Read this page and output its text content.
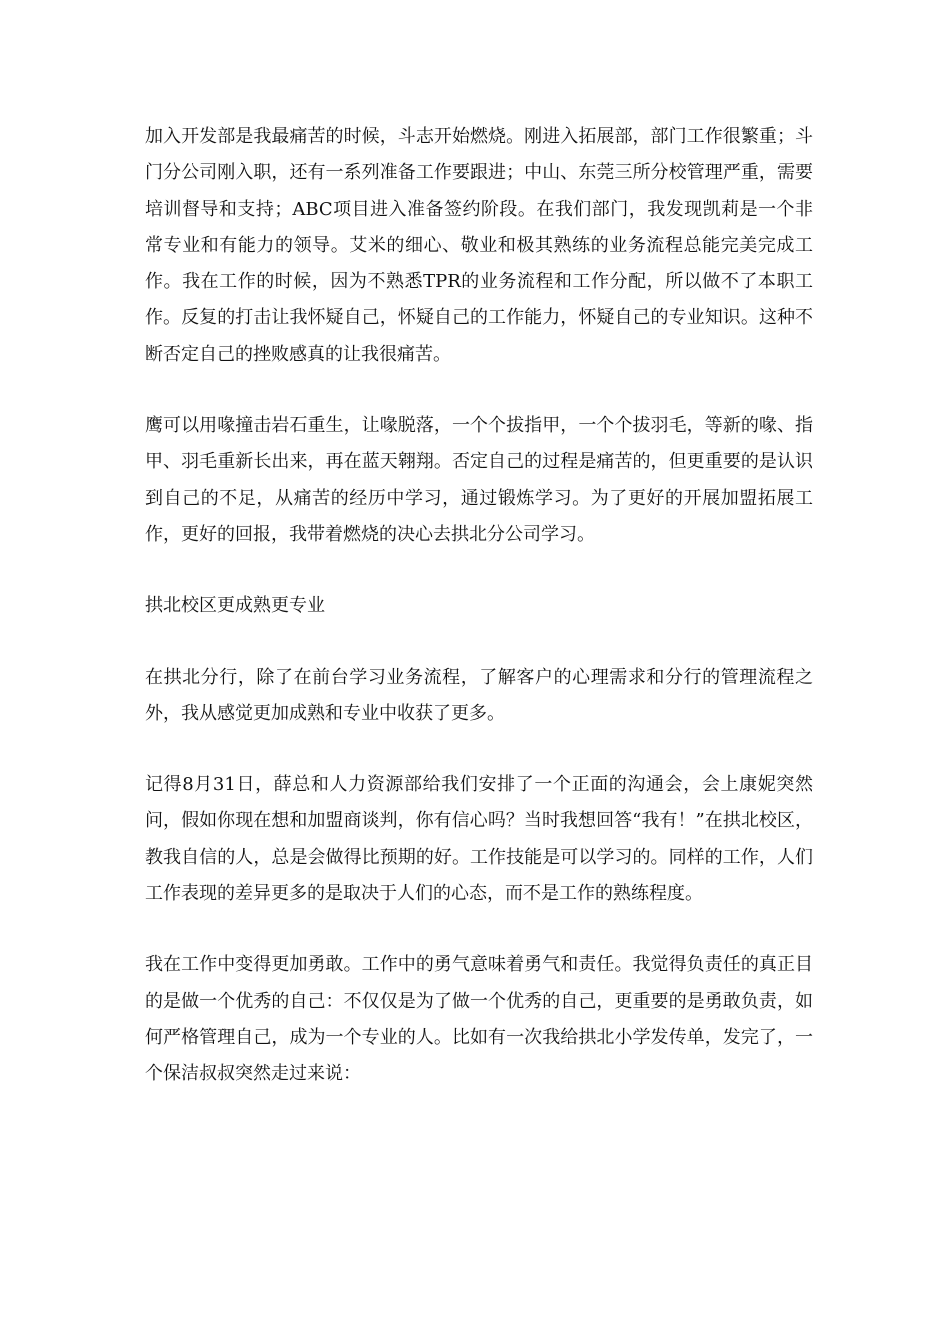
加入开发部是我最痛苦的时候，斗志开始燃烧。刚进入拓展部，部门工作很繁重；斗门分公司刚入职，还有一系列准备工作要跟进；中山、东莞三所分校管理严重，需要培训督导和支持；ABC项目进入准备签约阶段。在我们部门，我发现凯莉是一个非常专业和有能力的领导。艾米的细心、敬业和极其熟练的业务流程总能完美完成工作。我在工作的时候，因为不熟悉TPR的业务流程和工作分配，所以做不了本职工作。反复的打击让我怀疑自己，怀疑自己的工作能力，怀疑自己的专业知识。这种不断否定自己的挫败感真的让我很痛苦。

鹰可以用喙撞击岩石重生，让喙脱落，一个个拔指甲，一个个拔羽毛，等新的喙、指甲、羽毛重新长出来，再在蓝天翱翔。否定自己的过程是痛苦的，但更重要的是认识到自己的不足，从痛苦的经历中学习，通过锻炼学习。为了更好的开展加盟拓展工作，更好的回报，我带着燃烧的决心去拱北分公司学习。

拱北校区更成熟更专业

在拱北分行，除了在前台学习业务流程，了解客户的心理需求和分行的管理流程之外，我从感觉更加成熟和专业中收获了更多。

记得8月31日，薛总和人力资源部给我们安排了一个正面的沟通会，会上康妮突然问，假如你现在想和加盟商谈判，你有信心吗？当时我想回答“我有！”在拱北校区，教我自信的人，总是会做得比预期的好。工作技能是可以学习的。同样的工作，人们工作表现的差异更多的是取决于人们的心态，而不是工作的熟练程度。

我在工作中变得更加勇敢。工作中的勇气意味着勇气和责任。我觉得负责任的真正目的是做一个优秀的自己：不仅仅是为了做一个优秀的自己，更重要的是勇敢负责，如何严格管理自己，成为一个专业的人。比如有一次我给拱北小学发传单，发完了，一个保洁叔叔突然走过来说：
